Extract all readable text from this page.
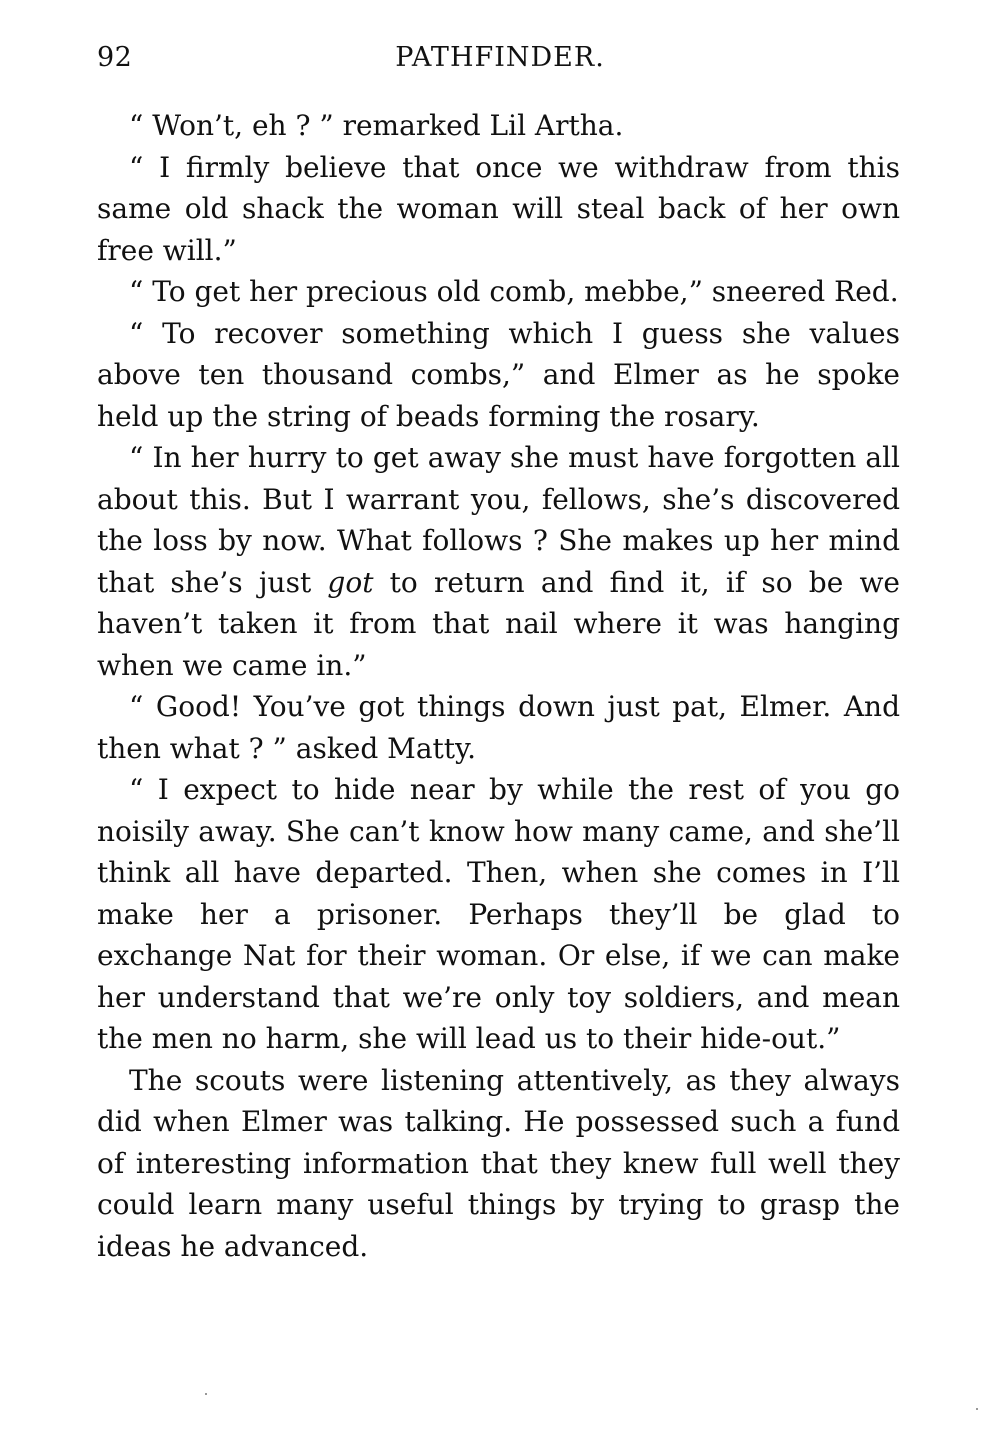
92	PATHFINDER.

“ Won’t, eh ? ” remarked Lil Artha.

“ I firmly believe that once we withdraw from this same old shack the woman will steal back of her own free will.”

“ To get her precious old comb, mebbe,” sneered Red.

“ To recover something which I guess she values above ten thousand combs,” and Elmer as he spoke held up the string of beads forming the rosary.

“ In her hurry to get away she must have forgotten all about this. But I warrant you, fellows, she’s discovered the loss by now. What follows ? She makes up her mind that she’s just got to return and find it, if so be we haven’t taken it from that nail where it was hanging when we came in.”

“ Good! You’ve got things down just pat, Elmer. And then what ? ” asked Matty.

“ I expect to hide near by while the rest of you go noisily away. She can’t know how many came, and she’ll think all have departed. Then, when she comes in I’ll make her a prisoner. Perhaps they’ll be glad to exchange Nat for their woman. Or else, if we can make her understand that we’re only toy soldiers, and mean the men no harm, she will lead us to their hide-out.”

The scouts were listening attentively, as they always did when Elmer was talking. He possessed such a fund of interesting information that they knew full well they could learn many useful things by trying to grasp the ideas he advanced.
